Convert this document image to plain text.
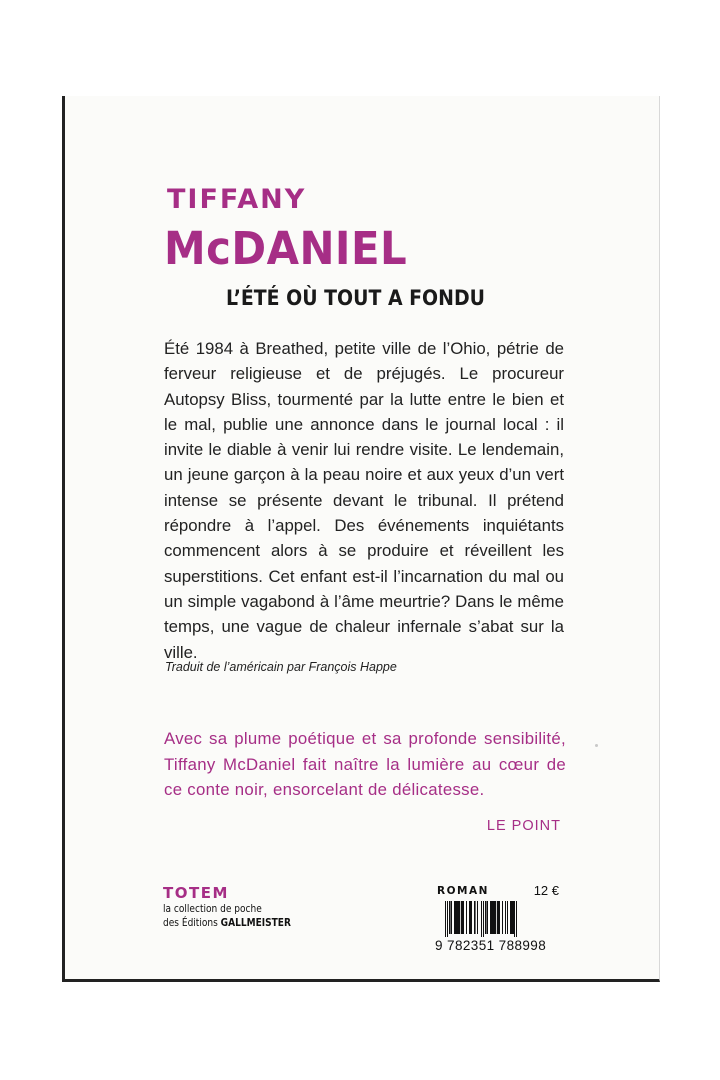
TIFFANY
McDANIEL
L’ÉTÉ OÙ TOUT A FONDU

Été 1984 à Breathed, petite ville de l’Ohio, pétrie de ferveur religieuse et de préjugés. Le procureur Autopsy Bliss, tourmenté par la lutte entre le bien et le mal, publie une annonce dans le journal local : il invite le diable à venir lui rendre visite. Le lendemain, un jeune garçon à la peau noire et aux yeux d’un vert intense se présente devant le tribunal. Il prétend répondre à l’appel. Des événements inquiétants commencent alors à se produire et réveillent les superstitions. Cet enfant est-il l’incarnation du mal ou un simple vagabond à l’âme meurtrie? Dans le même temps, une vague de chaleur infernale s’abat sur la ville.

Traduit de l’américain par François Happe

Avec sa plume poétique et sa profonde sensibilité, Tiffany McDaniel fait naître la lumière au cœur de ce conte noir, ensorcelant de délicatesse.

LE POINT
TOTEM
la collection de poche
des Éditions GALLMEISTER
ROMAN	12 €
9 782351 788998
